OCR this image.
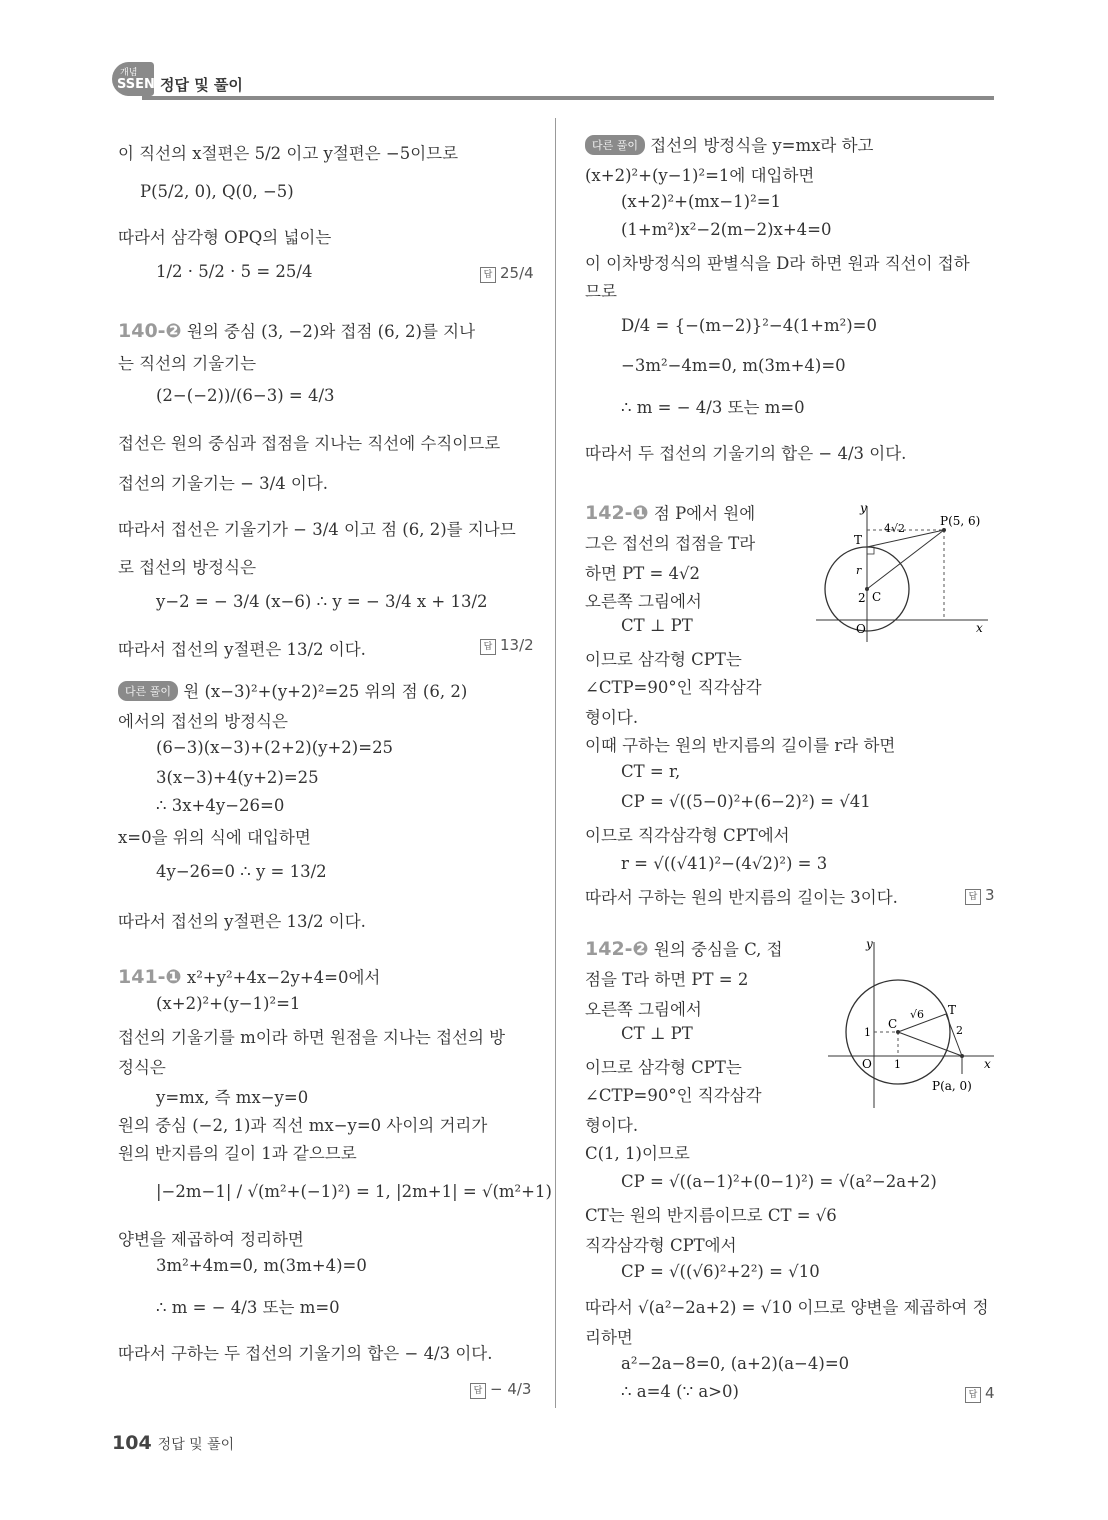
개념
SSEN 정답 및 풀이
이 직선의 x절편은 5/2 이고 y절편은 −5이므로
P(5/2, 0), Q(0, −5)
따라서 삼각형 OPQ의 넓이는
1/2 · 5/2 · 5 = 25/4	답 25/4
140-❷ 원의 중심 (3, −2)와 접점 (6, 2)를 지나
는 직선의 기울기는
(2−(−2))/(6−3) = 4/3
접선은 원의 중심과 접점을 지나는 직선에 수직이므로
접선의 기울기는 − 3/4 이다.
따라서 접선은 기울기가 − 3/4 이고 점 (6, 2)를 지나므
로 접선의 방정식은
y−2 = − 3/4 (x−6) ∴ y = − 3/4 x + 13/2
따라서 접선의 y절편은 13/2 이다.	답 13/2
다른 풀이 원 (x−3)²+(y+2)²=25 위의 점 (6, 2)
에서의 접선의 방정식은
(6−3)(x−3)+(2+2)(y+2)=25
3(x−3)+4(y+2)=25
∴ 3x+4y−26=0
x=0을 위의 식에 대입하면
4y−26=0 ∴ y = 13/2
따라서 접선의 y절편은 13/2 이다.
141-❶ x²+y²+4x−2y+4=0에서
(x+2)²+(y−1)²=1
접선의 기울기를 m이라 하면 원점을 지나는 접선의 방
정식은
y=mx, 즉 mx−y=0
원의 중심 (−2, 1)과 직선 mx−y=0 사이의 거리가
원의 반지름의 길이 1과 같으므로
|−2m−1| / √(m²+(−1)²) = 1, |2m+1| = √(m²+1)
양변을 제곱하여 정리하면
3m²+4m=0, m(3m+4)=0
∴ m = − 4/3 또는 m=0
따라서 구하는 두 접선의 기울기의 합은 − 4/3 이다.
답 − 4/3
다른 풀이 접선의 방정식을 y=mx라 하고
(x+2)²+(y−1)²=1에 대입하면
(x+2)²+(mx−1)²=1
(1+m²)x²−2(m−2)x+4=0
이 이차방정식의 판별식을 D라 하면 원과 직선이 접하
므로
D/4 = {−(m−2)}²−4(1+m²)=0
−3m²−4m=0, m(3m+4)=0
∴ m = − 4/3 또는 m=0
따라서 두 접선의 기울기의 합은 − 4/3 이다.
142-❶ 점 P에서 원에
그은 접선의 접점을 T라
하면 PT = 4√2
오른쪽 그림에서
CT ⊥ PT
이므로 삼각형 CPT는
∠CTP=90°인 직각삼각
형이다.
이때 구하는 원의 반지름의 길이를 r라 하면
CT = r,
CP = √((5−0)²+(6−2)²) = √41
이므로 직각삼각형 CPT에서
r = √((√41)²−(4√2)²) = 3
따라서 구하는 원의 반지름의 길이는 3이다.	답 3
142-❷ 원의 중심을 C, 접
점을 T라 하면 PT = 2
오른쪽 그림에서
CT ⊥ PT
이므로 삼각형 CPT는
∠CTP=90°인 직각삼각
형이다.
C(1, 1)이므로
CP = √((a−1)²+(0−1)²) = √(a²−2a+2)
CT는 원의 반지름이므로 CT = √6
직각삼각형 CPT에서
CP = √((√6)²+2²) = √10
따라서 √(a²−2a+2) = √10 이므로 양변을 제곱하여 정
리하면
a²−2a−8=0, (a+2)(a−4)=0
∴ a=4 (∵ a>0)	답 4
y
x
O
T
C
2
r
P(5, 6)
4√2
y
x
O
T
C
1
1
2
√6
P(a, 0)
104 정답 및 풀이
